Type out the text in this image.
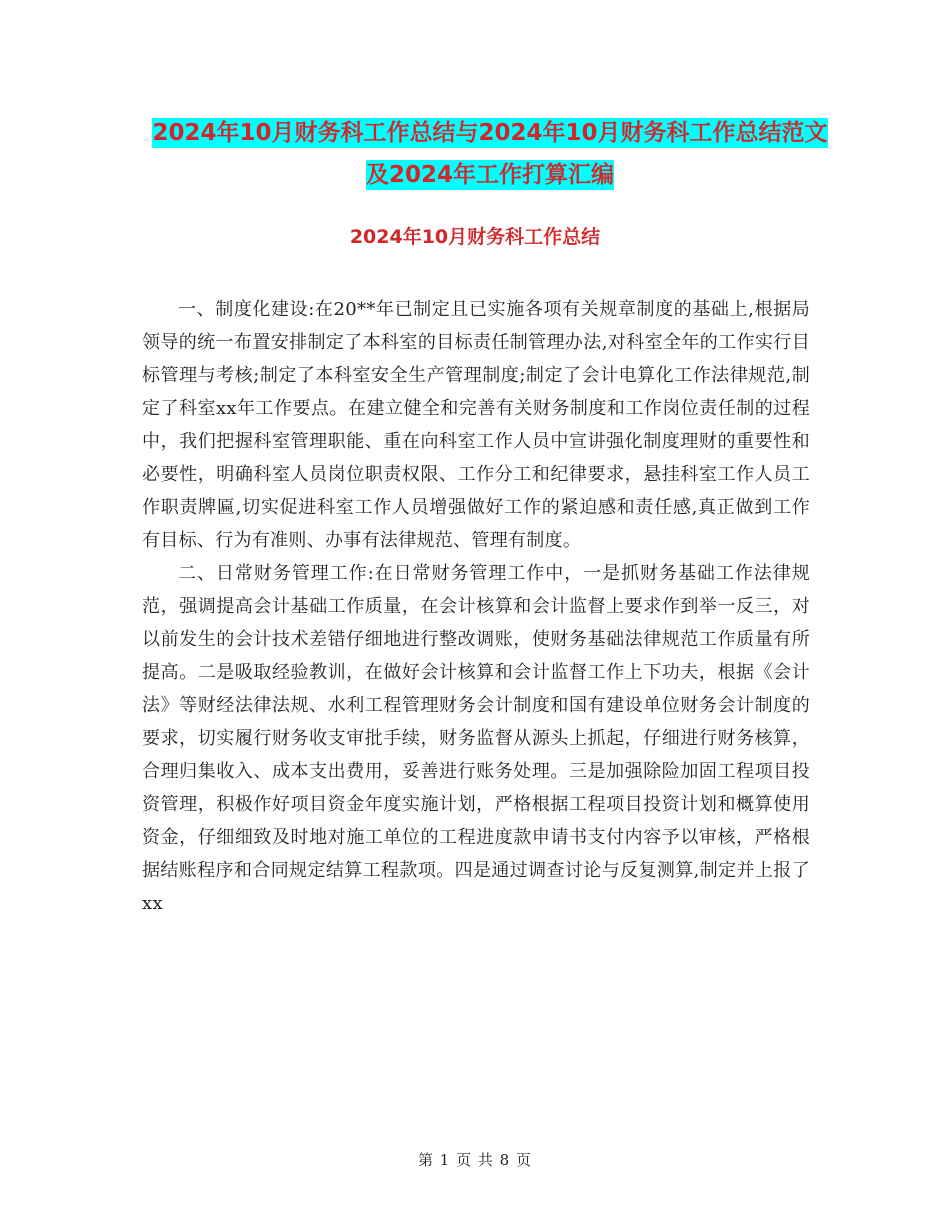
2024年10月财务科工作总结与2024年10月财务科工作总结范文及2024年工作打算汇编
2024年10月财务科工作总结

一、制度化建设:在20**年已制定且已实施各项有关规章制度的基础上,根据局领导的统一布置安排制定了本科室的目标责任制管理办法,对科室全年的工作实行目标管理与考核;制定了本科室安全生产管理制度;制定了会计电算化工作法律规范,制定了科室xx年工作要点。在建立健全和完善有关财务制度和工作岗位责任制的过程中，我们把握科室管理职能、重在向科室工作人员中宣讲强化制度理财的重要性和必要性，明确科室人员岗位职责权限、工作分工和纪律要求，悬挂科室工作人员工作职责牌匾,切实促进科室工作人员增强做好工作的紧迫感和责任感,真正做到工作有目标、行为有准则、办事有法律规范、管理有制度。

二、日常财务管理工作:在日常财务管理工作中，一是抓财务基础工作法律规范，强调提高会计基础工作质量，在会计核算和会计监督上要求作到举一反三，对以前发生的会计技术差错仔细地进行整改调账，使财务基础法律规范工作质量有所提高。二是吸取经验教训，在做好会计核算和会计监督工作上下功夫，根据《会计法》等财经法律法规、水利工程管理财务会计制度和国有建设单位财务会计制度的要求，切实履行财务收支审批手续，财务监督从源头上抓起，仔细进行财务核算，合理归集收入、成本支出费用，妥善进行账务处理。三是加强除险加固工程项目投资管理，积极作好项目资金年度实施计划，严格根据工程项目投资计划和概算使用资金，仔细细致及时地对施工单位的工程进度款申请书支付内容予以审核，严格根据结账程序和合同规定结算工程款项。四是通过调查讨论与反复测算,制定并上报了xx

第 1 页 共 8 页
